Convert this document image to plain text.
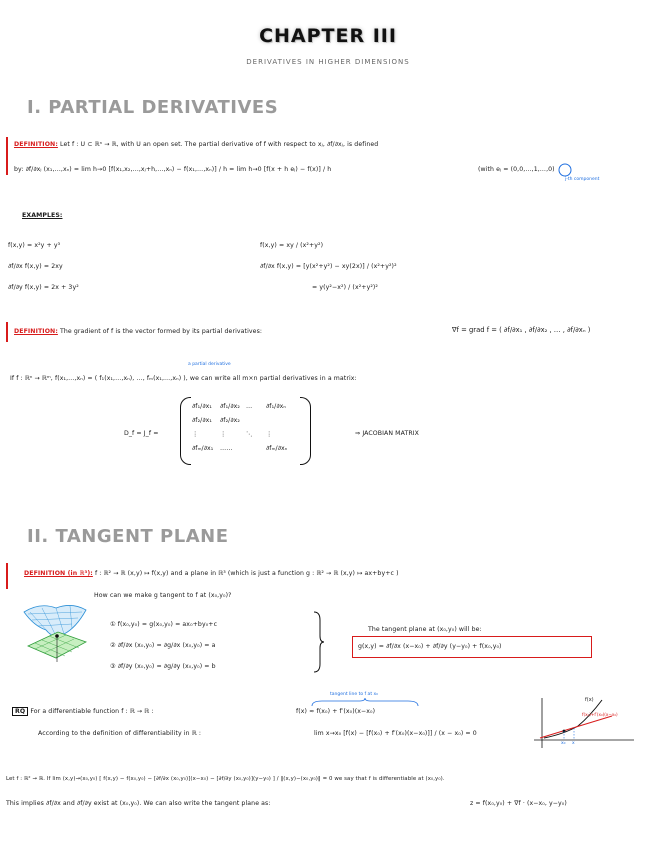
CHAPTER III
DERIVATIVES IN HIGHER DIMENSIONS
I. PARTIAL DERIVATIVES
DEFINITION: Let f : U ⊂ ℝⁿ → ℝ, with U an open set. The partial derivative of f with respect to xⱼ, ∂f/∂xⱼ, is defined
by: ∂f/∂xⱼ (x₁,…,xₙ) = lim h→0 [f(x₁,x₂,…,xⱼ+h,…,xₙ) − f(x₁,…,xₙ)] / h = lim h→0 [f(x + h eⱼ) − f(x)] / h	(with eⱼ = (0,0,…,1,…,0)
j-th component
EXAMPLES:
f(x,y) = x²y + y³
∂f/∂x f(x,y) = 2xy
∂f/∂y f(x,y) = 2x + 3y²
f(x,y) = xy / (x²+y²)
∂f/∂x f(x,y) = [y(x²+y²) − xy(2x)] / (x²+y²)²
= y(y²−x²) / (x²+y²)²
DEFINITION: The gradient of f is the vector formed by its partial derivatives:	∇f = grad f = ( ∂f/∂x₁ , ∂f/∂x₂ , … , ∂f/∂xₙ )
a partial derivative
If f : ℝⁿ → ℝᵐ, f(x₁,…,xₙ) = ( f₁(x₁,…,xₙ), …, fₘ(x₁,…,xₙ) ), we can write all m×n partial derivatives in a matrix:
D_f = J_f =
∂f₁/∂x₁ ∂f₁/∂x₂ … ∂f₁/∂xₙ
∂f₂/∂x₁ ∂f₂/∂x₂
⋮	⋮	⋱ ⋮
∂fₘ/∂x₁ ……	∂fₘ/∂xₙ
⇒ JACOBIAN MATRIX
II. TANGENT PLANE
DEFINITION (in ℝ³): f : ℝ² → ℝ (x,y) ↦ f(x,y) and a plane in ℝ³ (which is just a function g : ℝ² → ℝ (x,y) ↦ ax+by+c )
How can we make g tangent to f at (x₀,y₀)?
① f(x₀,y₀) = g(x₀,y₀) = ax₀+by₀+c
② ∂f/∂x (x₀,y₀) = ∂g/∂x (x₀,y₀) = a
③ ∂f/∂y (x₀,y₀) = ∂g/∂y (x₀,y₀) = b
The tangent plane at (x₀,y₀) will be:
g(x,y) = ∂f/∂x (x−x₀) + ∂f/∂y (y−y₀) + f(x₀,y₀)
RQ For a differentiable function f : ℝ → ℝ :
tangent line to f at x₀
f(x) ≈ f(x₀) + f′(x₀)(x−x₀)
According to the definition of differentiability in ℝ :	lim x→x₀ [f(x) − [f(x₀) + f′(x₀)(x−x₀)]] / (x − x₀) = 0
f(x)
f(x₀)+f′(x₀)(x−x₀)
x₀ x
Let f : ℝ² → ℝ. If lim (x,y)→(x₀,y₀) [ f(x,y) − f(x₀,y₀) − [∂f/∂x (x₀,y₀)](x−x₀) − [∂f/∂y (x₀,y₀)](y−y₀) ] / ‖(x,y)−(x₀,y₀)‖ = 0 we say that f is differentiable at (x₀,y₀).
This implies ∂f/∂x and ∂f/∂y exist at (x₀,y₀). We can also write the tangent plane as:	z = f(x₀,y₀) + ∇f · (x−x₀, y−y₀)
